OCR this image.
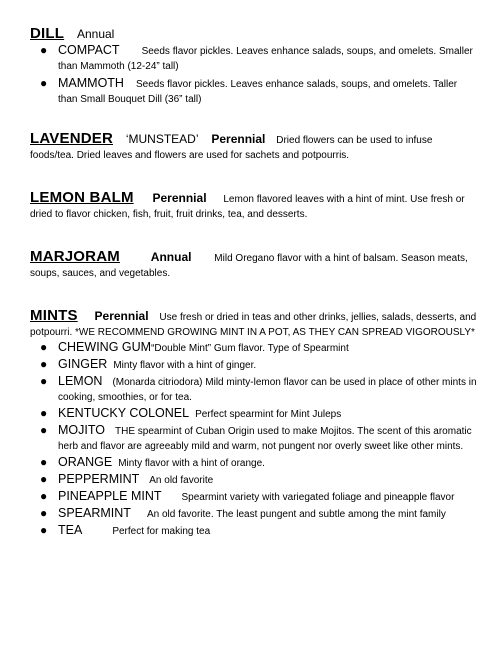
DILL Annual
● COMPACT Seeds flavor pickles. Leaves enhance salads, soups, and omelets. Smaller than Mammoth (12-24” tall)
● MAMMOTH Seeds flavor pickles. Leaves enhance salads, soups, and omelets. Taller than Small Bouquet Dill (36” tall)
LAVENDER ‘MUNSTEAD’ Perennial Dried flowers can be used to infuse foods/tea. Dried leaves and flowers are used for sachets and potpourris.
LEMON BALM Perennial Lemon flavored leaves with a hint of mint. Use fresh or dried to flavor chicken, fish, fruit, fruit drinks, tea, and desserts.
MARJORAM	Annual Mild Oregano flavor with a hint of balsam. Season meats, soups, sauces, and vegetables.
MINTS Perennial Use fresh or dried in teas and other drinks, jellies, salads, desserts, and potpourri. *WE RECOMMEND GROWING MINT IN A POT, AS THEY CAN SPREAD VIGOROUSLY*
● CHEWING GUM“Double Mint” Gum flavor. Type of Spearmint
● GINGER Minty flavor with a hint of ginger.
● LEMON (Monarda citriodora) Mild minty-lemon flavor can be used in place of other mints in cooking, smoothies, or for tea.
● KENTUCKY COLONEL Perfect spearmint for Mint Juleps
● MOJITO THE spearmint of Cuban Origin used to make Mojitos. The scent of this aromatic herb and flavor are agreeably mild and warm, not pungent nor overly sweet like other mints.
● ORANGE Minty flavor with a hint of orange.
● PEPPERMINT An old favorite
● PINEAPPLE MINT Spearmint variety with variegated foliage and pineapple flavor
● SPEARMINT An old favorite. The least pungent and subtle among the mint family
● TEA	Perfect for making tea
